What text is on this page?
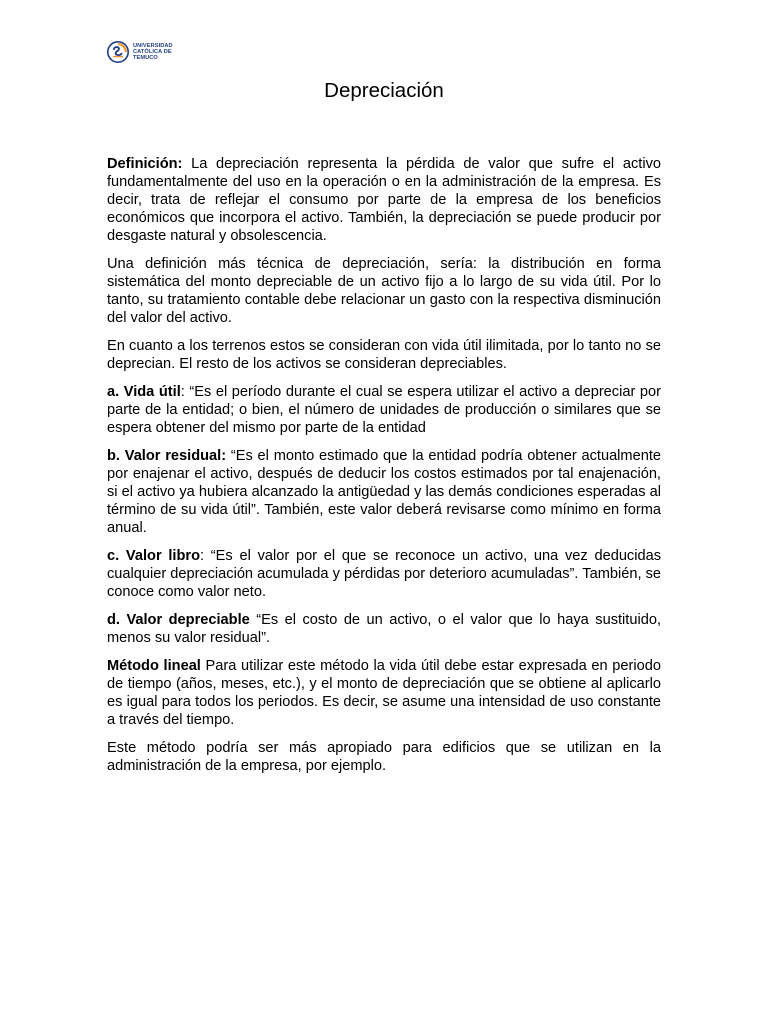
UNIVERSIDAD
CATÓLICA DE
TEMUCO
Depreciación

Definición: La depreciación representa la pérdida de valor que sufre el activo fundamentalmente del uso en la operación o en la administración de la empresa. Es decir, trata de reflejar el consumo por parte de la empresa de los beneficios económicos que incorpora el activo. También, la depreciación se puede producir por desgaste natural y obsolescencia.

Una definición más técnica de depreciación, sería: la distribución en forma sistemática del monto depreciable de un activo fijo a lo largo de su vida útil. Por lo tanto, su tratamiento contable debe relacionar un gasto con la respectiva disminución del valor del activo.

En cuanto a los terrenos estos se consideran con vida útil ilimitada, por lo tanto no se deprecian. El resto de los activos se consideran depreciables.

a. Vida útil: “Es el período durante el cual se espera utilizar el activo a depreciar por parte de la entidad; o bien, el número de unidades de producción o similares que se espera obtener del mismo por parte de la entidad

b. Valor residual: “Es el monto estimado que la entidad podría obtener actualmente por enajenar el activo, después de deducir los costos estimados por tal enajenación, si el activo ya hubiera alcanzado la antigüedad y las demás condiciones esperadas al término de su vida útil”. También, este valor deberá revisarse como mínimo en forma anual.

c. Valor libro: “Es el valor por el que se reconoce un activo, una vez deducidas cualquier depreciación acumulada y pérdidas por deterioro acumuladas”. También, se conoce como valor neto.

d. Valor depreciable “Es el costo de un activo, o el valor que lo haya sustituido, menos su valor residual”.

Método lineal Para utilizar este método la vida útil debe estar expresada en periodo de tiempo (años, meses, etc.), y el monto de depreciación que se obtiene al aplicarlo es igual para todos los periodos. Es decir, se asume una intensidad de uso constante a través del tiempo.

Este método podría ser más apropiado para edificios que se utilizan en la administración de la empresa, por ejemplo.
